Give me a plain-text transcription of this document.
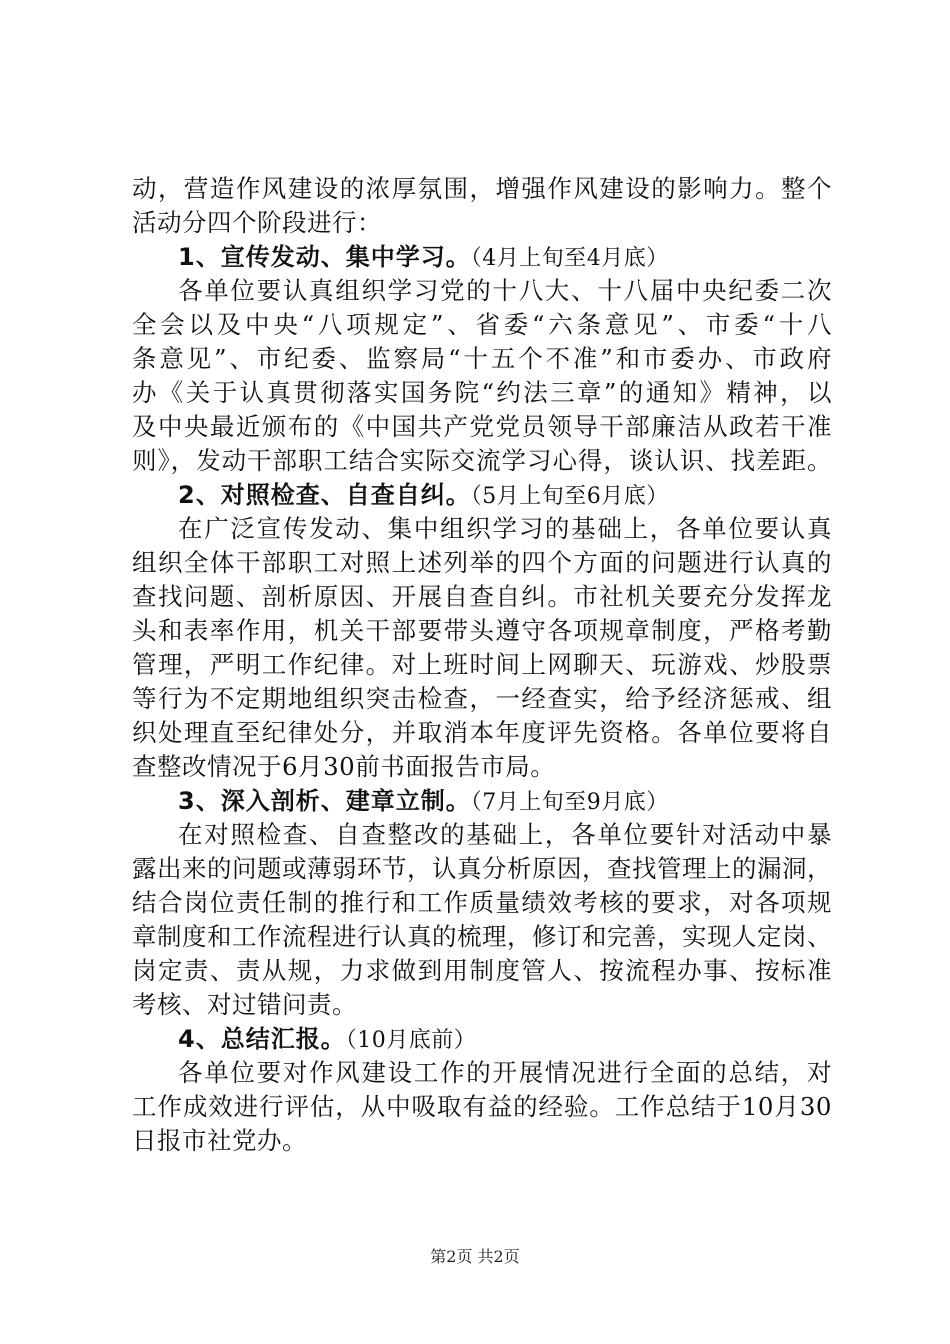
动，营造作风建设的浓厚氛围，增强作风建设的影响力。整个
活动分四个阶段进行：
1、宣传发动、集中学习。（4月上旬至4月底）
各单位要认真组织学习党的十八大、十八届中央纪委二次
全会以及中央“八项规定”、省委“六条意见”、市委“十八
条意见”、市纪委、监察局“十五个不准”和市委办、市政府
办《关于认真贯彻落实国务院“约法三章”的通知》精神，以
及中央最近颁布的《中国共产党党员领导干部廉洁从政若干准
则》，发动干部职工结合实际交流学习心得，谈认识、找差距。
2、对照检查、自查自纠。（5月上旬至6月底）
在广泛宣传发动、集中组织学习的基础上，各单位要认真
组织全体干部职工对照上述列举的四个方面的问题进行认真的
查找问题、剖析原因、开展自查自纠。市社机关要充分发挥龙
头和表率作用，机关干部要带头遵守各项规章制度，严格考勤
管理，严明工作纪律。对上班时间上网聊天、玩游戏、炒股票
等行为不定期地组织突击检查，一经查实，给予经济惩戒、组
织处理直至纪律处分，并取消本年度评先资格。各单位要将自
查整改情况于6月30前书面报告市局。
3、深入剖析、建章立制。（7月上旬至9月底）
在对照检查、自查整改的基础上，各单位要针对活动中暴
露出来的问题或薄弱环节，认真分析原因，查找管理上的漏洞，
结合岗位责任制的推行和工作质量绩效考核的要求，对各项规
章制度和工作流程进行认真的梳理，修订和完善，实现人定岗、
岗定责、责从规，力求做到用制度管人、按流程办事、按标准
考核、对过错问责。
4、总结汇报。（10月底前）
各单位要对作风建设工作的开展情况进行全面的总结，对
工作成效进行评估，从中吸取有益的经验。工作总结于10月30
日报市社党办。
第2页 共2页
